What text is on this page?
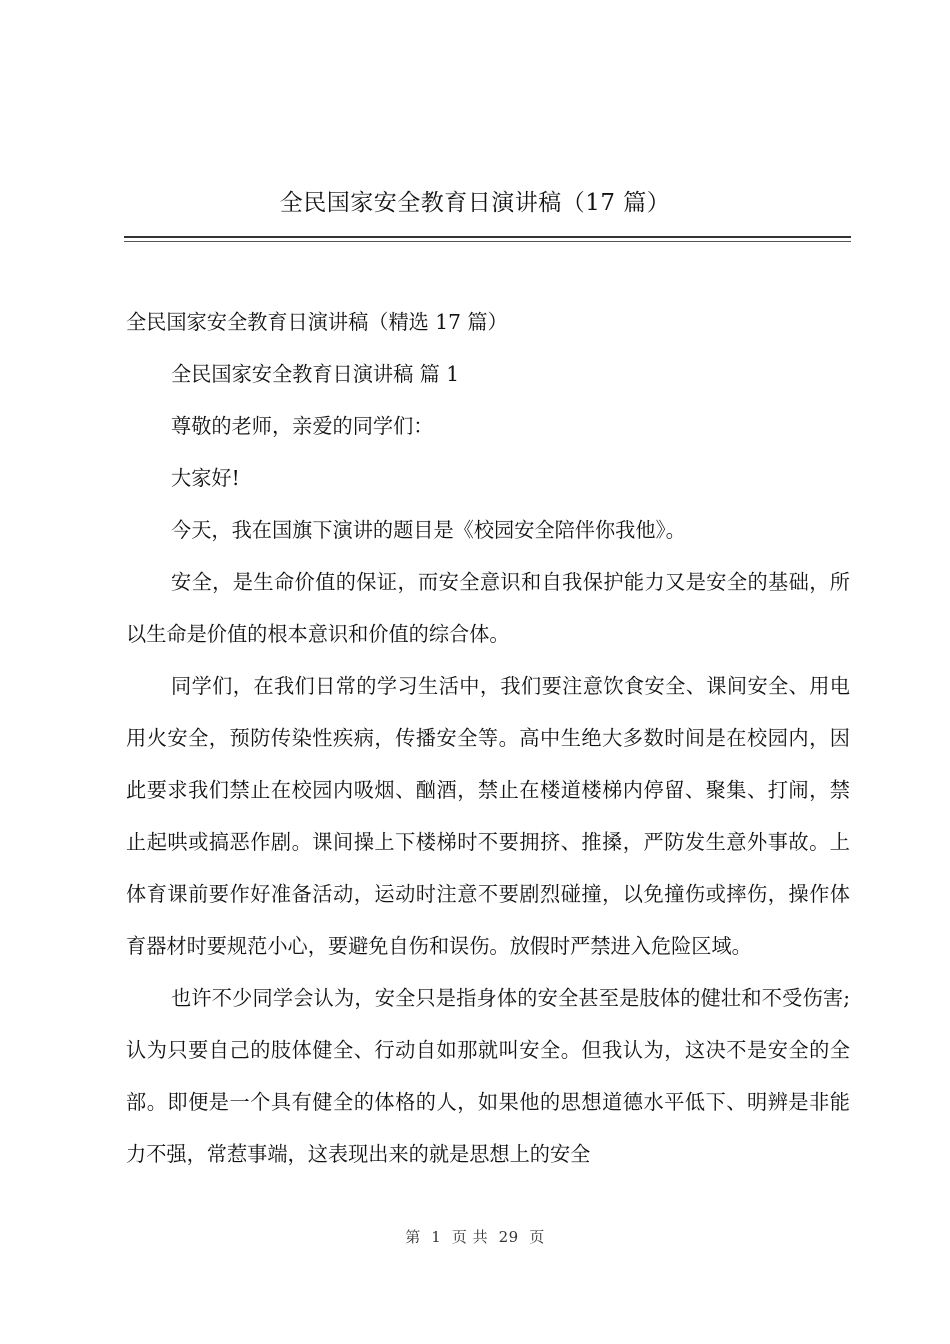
全民国家安全教育日演讲稿（17 篇）

全民国家安全教育日演讲稿（精选 17 篇）

全民国家安全教育日演讲稿 篇 1

尊敬的老师，亲爱的同学们：

大家好!

今天，我在国旗下演讲的题目是《校园安全陪伴你我他》。

安全，是生命价值的保证，而安全意识和自我保护能力又是安全的基础，所以生命是价值的根本意识和价值的综合体。

同学们，在我们日常的学习生活中，我们要注意饮食安全、课间安全、用电用火安全，预防传染性疾病，传播安全等。高中生绝大多数时间是在校园内，因此要求我们禁止在校园内吸烟、酗酒，禁止在楼道楼梯内停留、聚集、打闹，禁止起哄或搞恶作剧。课间操上下楼梯时不要拥挤、推搡，严防发生意外事故。上体育课前要作好准备活动，运动时注意不要剧烈碰撞，以免撞伤或摔伤，操作体育器材时要规范小心，要避免自伤和误伤。放假时严禁进入危险区域。

也许不少同学会认为，安全只是指身体的安全甚至是肢体的健壮和不受伤害;认为只要自己的肢体健全、行动自如那就叫安全。但我认为，这决不是安全的全部。即便是一个具有健全的体格的人，如果他的思想道德水平低下、明辨是非能力不强，常惹事端，这表现出来的就是思想上的安全

第  1  页 共  29  页
